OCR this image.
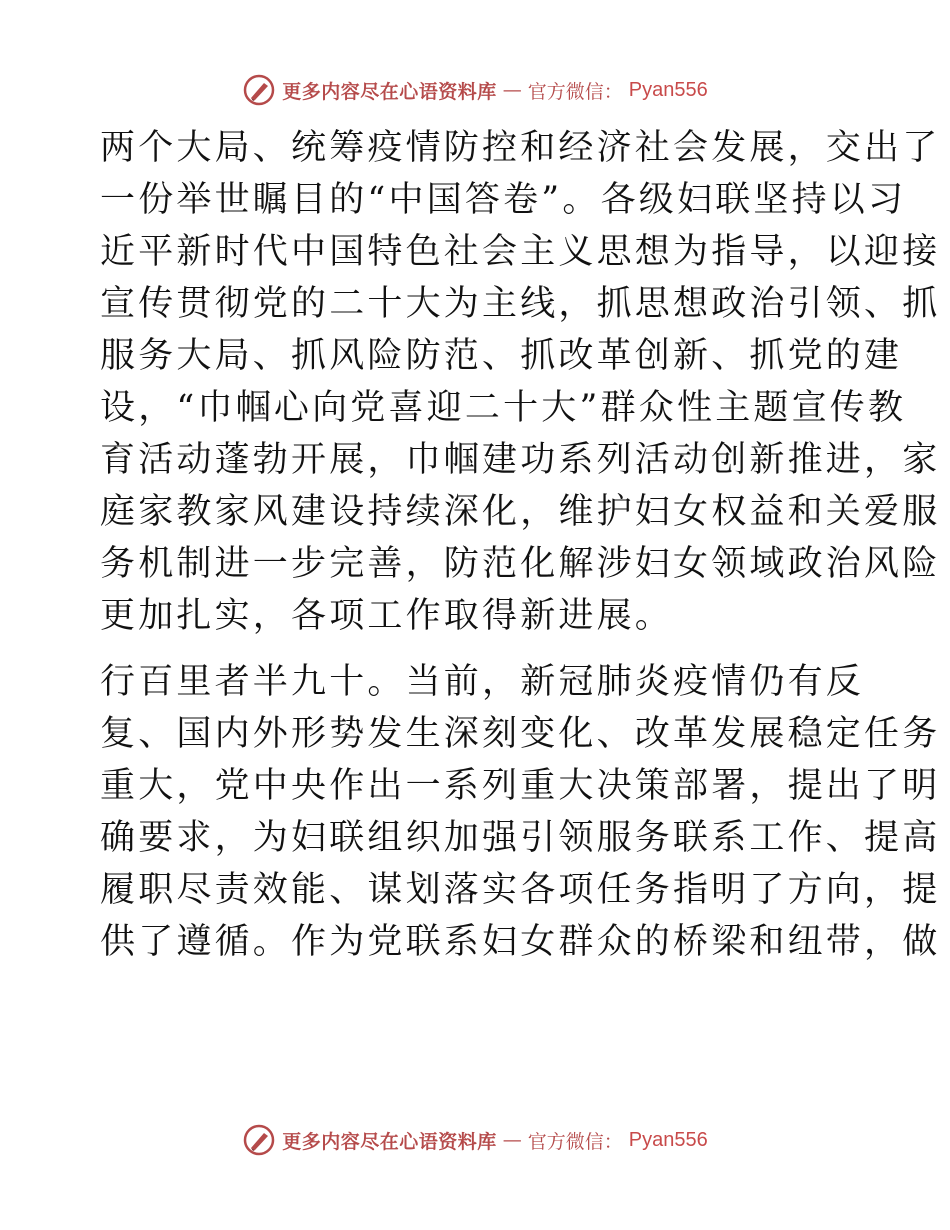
更多内容尽在心语资料库 — 官方微信： Pyan556
两个大局、统筹疫情防控和经济社会发展，交出了
一份举世瞩目的“中国答卷”。各级妇联坚持以习
近平新时代中国特色社会主义思想为指导，以迎接
宣传贯彻党的二十大为主线，抓思想政治引领、抓
服务大局、抓风险防范、抓改革创新、抓党的建
设，“巾帼心向党喜迎二十大”群众性主题宣传教
育活动蓬勃开展，巾帼建功系列活动创新推进，家
庭家教家风建设持续深化，维护妇女权益和关爱服
务机制进一步完善，防范化解涉妇女领域政治风险
更加扎实，各项工作取得新进展。
行百里者半九十。当前，新冠肺炎疫情仍有反
复、国内外形势发生深刻变化、改革发展稳定任务
重大，党中央作出一系列重大决策部署，提出了明
确要求，为妇联组织加强引领服务联系工作、提高
履职尽责效能、谋划落实各项任务指明了方向，提
供了遵循。作为党联系妇女群众的桥梁和纽带，做
更多内容尽在心语资料库 — 官方微信： Pyan556
